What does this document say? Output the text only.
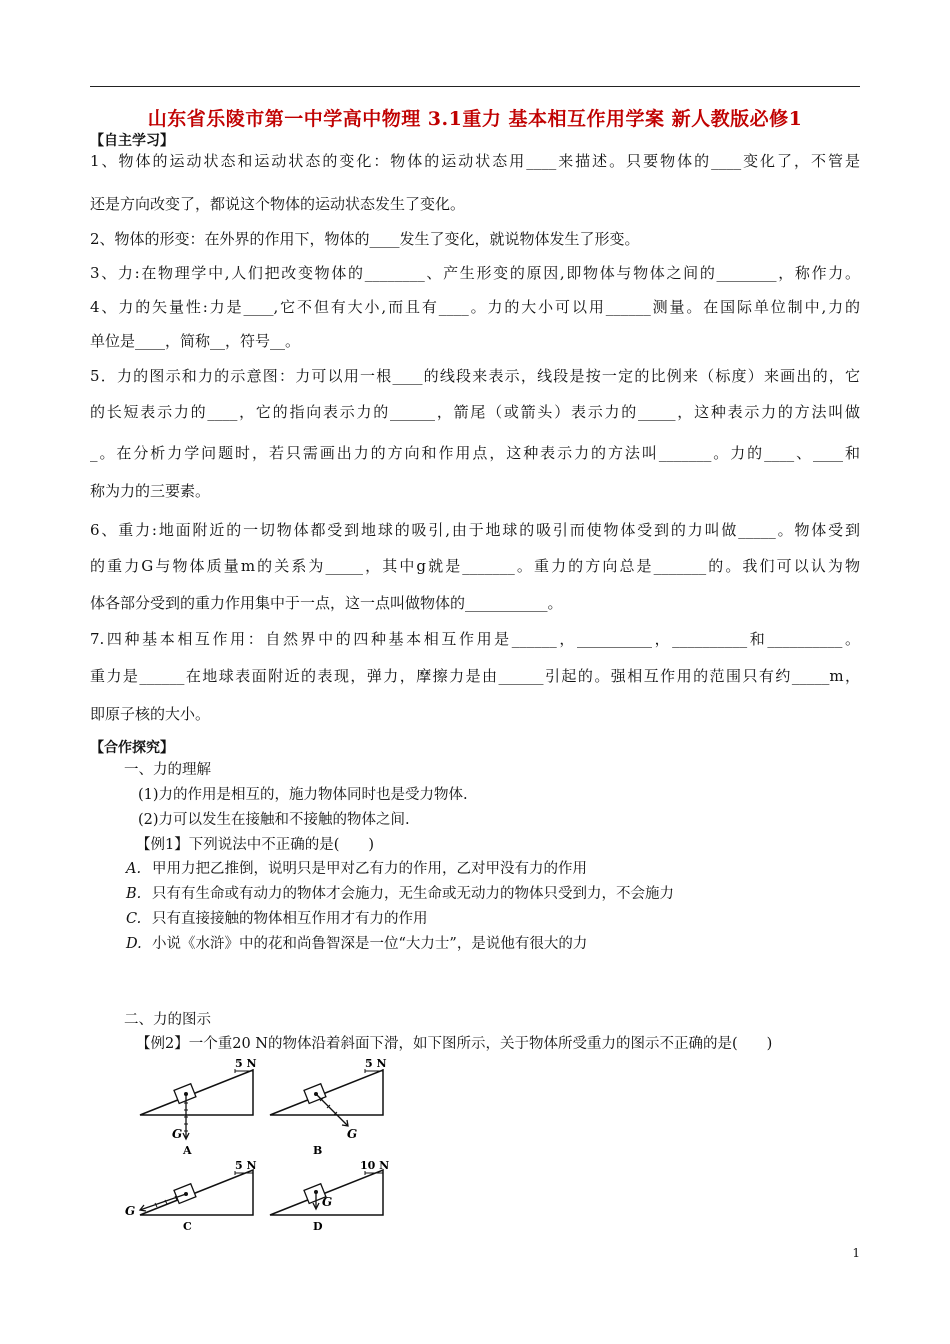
山东省乐陵市第一中学高中物理 3.1重力 基本相互作用学案 新人教版必修1
【自主学习】
1、物体的运动状态和运动状态的变化：物体的运动状态用____来描述。只要物体的____变化了，不管是
还是方向改变了，都说这个物体的运动状态发生了变化。
2、物体的形变：在外界的作用下，物体的____发生了变化，就说物体发生了形变。
3、力:在物理学中,人们把改变物体的________、产生形变的原因,即物体与物体之间的________，称作力。
4、力的矢量性:力是____,它不但有大小,而且有____。力的大小可以用______测量。在国际单位制中,力的
单位是____，简称__，符号__。
5．力的图示和力的示意图：力可以用一根____的线段来表示，线段是按一定的比例来（标度）来画出的，它
的长短表示力的____，它的指向表示力的______，箭尾（或箭头）表示力的_____，这种表示力的方法叫做
_。在分析力学问题时，若只需画出力的方向和作用点，这种表示力的方法叫_______。力的____、____和
称为力的三要素。
6、重力:地面附近的一切物体都受到地球的吸引,由于地球的吸引而使物体受到的力叫做_____。物体受到
的重力G与物体质量m的关系为_____，其中g就是_______。重力的方向总是_______的。我们可以认为物
体各部分受到的重力作用集中于一点，这一点叫做物体的___________。
7.四种基本相互作用：自然界中的四种基本相互作用是______，__________，__________和__________。
重力是______在地球表面附近的表现，弹力，摩擦力是由______引起的。强相互作用的范围只有约_____m，
即原子核的大小。
【合作探究】
一、力的理解
(1)力的作用是相互的，施力物体同时也是受力物体.
(2)力可以发生在接触和不接触的物体之间.
【例1】下列说法中不正确的是(　　)
A. 甲用力把乙推倒，说明只是甲对乙有力的作用，乙对甲没有力的作用
B. 只有有生命或有动力的物体才会施力，无生命或无动力的物体只受到力，不会施力
C. 只有直接接触的物体相互作用才有力的作用
D. 小说《水浒》中的花和尚鲁智深是一位“大力士”，是说他有很大的力
二、力的图示
【例2】一个重20 N的物体沿着斜面下滑，如下图所示，关于物体所受重力的图示不正确的是(　　)
G
5 N
A
G
5 N
B
G
5 N
C
G
10 N
D
1
